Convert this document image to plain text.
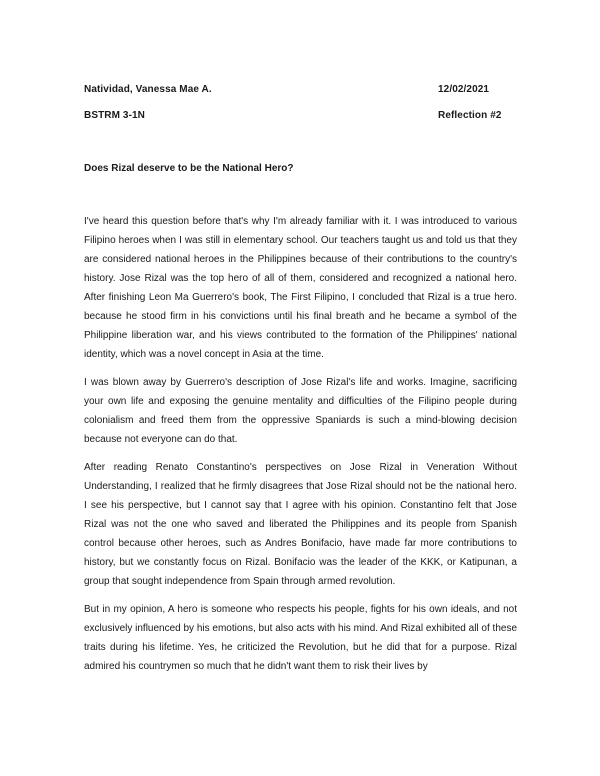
Natividad, Vanessa Mae A.	12/02/2021
BSTRM 3-1N	Reflection #2
Does Rizal deserve to be the National Hero?

I've heard this question before that's why I'm already familiar with it. I was introduced to various Filipino heroes when I was still in elementary school. Our teachers taught us and told us that they are considered national heroes in the Philippines because of their contributions to the country's history. Jose Rizal was the top hero of all of them, considered and recognized a national hero. After finishing Leon Ma Guerrero's book, The First Filipino, I concluded that Rizal is a true hero. because he stood firm in his convictions until his final breath and he became a symbol of the Philippine liberation war, and his views contributed to the formation of the Philippines' national identity, which was a novel concept in Asia at the time.

I was blown away by Guerrero's description of Jose Rizal's life and works. Imagine, sacrificing your own life and exposing the genuine mentality and difficulties of the Filipino people during colonialism and freed them from the oppressive Spaniards is such a mind-blowing decision because not everyone can do that.

After reading Renato Constantino's perspectives on Jose Rizal in Veneration Without Understanding, I realized that he firmly disagrees that Jose Rizal should not be the national hero. I see his perspective, but I cannot say that I agree with his opinion. Constantino felt that Jose Rizal was not the one who saved and liberated the Philippines and its people from Spanish control because other heroes, such as Andres Bonifacio, have made far more contributions to history, but we constantly focus on Rizal. Bonifacio was the leader of the KKK, or Katipunan, a group that sought independence from Spain through armed revolution.

But in my opinion, A hero is someone who respects his people, fights for his own ideals, and not exclusively influenced by his emotions, but also acts with his mind. And Rizal exhibited all of these traits during his lifetime. Yes, he criticized the Revolution, but he did that for a purpose. Rizal admired his countrymen so much that he didn't want them to risk their lives by
